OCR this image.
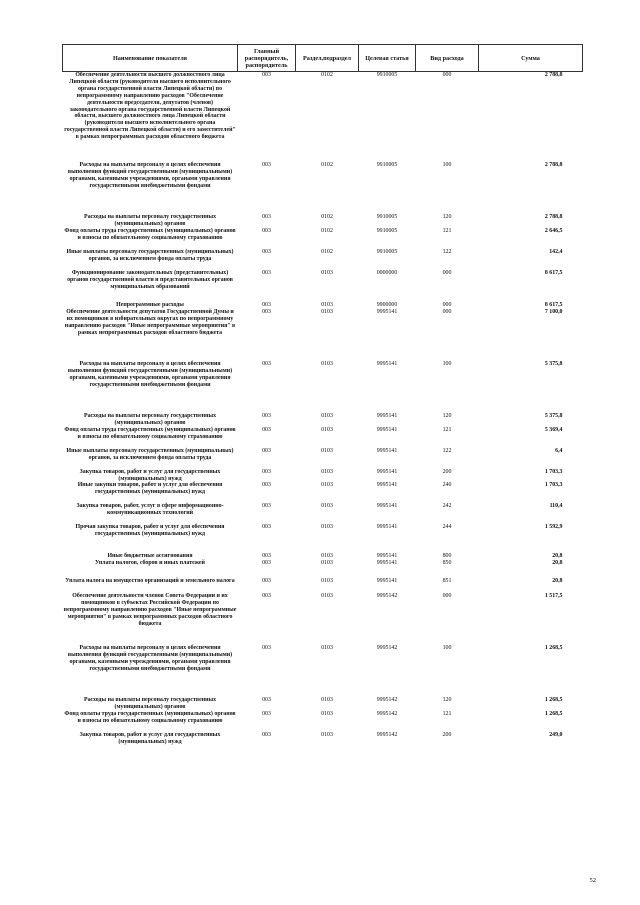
Наименование показателя	Главный распорядитель, распорядитель	Раздел,подраздел	Целевая статья	Вид расхода	Сумма
Обеспечение деятельности высшего должностного лица Липецкой области (руководителя высшего исполнительного органа государственной власти Липецкой области) по непрограммному направлению расходов "Обеспечение деятельности председателя, депутатов (членов) законодательного органа государственной власти Липецкой области, высшего должностного лица Липецкой области (руководителя высшего исполнительного органа государственной власти Липецкой области) и его заместителей" в рамках непрограммных расходов областного бюджета	003	0102	9910005	000	2 788,8
Расходы на выплаты персоналу в целях обеспечения выполнения функций государственными (муниципальными) органами, казенными учреждениями, органами управления государственными внебюджетными фондами	003	0102	9910005	100	2 788,8
Расходы на выплаты персоналу государственных (муниципальных) органов	003	0102	9910005	120	2 788,8
Фонд оплаты труда государственных (муниципальных) органов и взносы по обязательному социальному страхованию	003	0102	9910005	121	2 646,5
Иные выплаты персоналу государственных (муниципальных) органов, за исключением фонда оплаты труда	003	0102	9910005	122	142,4
Функционирование законодательных (представительных) органов государственной власти и представительных органов муниципальных образований	003	0103	0000000	000	8 617,5
Непрограммные расходы	003	0103	9900000	000	8 617,5
Обеспечение деятельности депутатов Государственной Думы и их помощников в избирательных округах по непрограммному направлению расходов "Иные непрограммные мероприятия" в рамках непрограммных расходов областного бюджета	003	0103	9995141	000	7 100,0
Расходы на выплаты персоналу в целях обеспечения выполнения функций государственными (муниципальными) органами, казенными учреждениями, органами управления государственными внебюджетными фондами	003	0103	9995141	100	5 375,8
Расходы на выплаты персоналу государственных (муниципальных) органов	003	0103	9995141	120	5 375,8
Фонд оплаты труда государственных (муниципальных) органов и взносы по обязательному социальному страхованию	003	0103	9995141	121	5 369,4
Иные выплаты персоналу государственных (муниципальных) органов, за исключением фонда оплаты труда	003	0103	9995141	122	6,4
Закупка товаров, работ и услуг для государственных (муниципальных) нужд	003	0103	9995141	200	1 703,3
Иные закупки товаров, работ и услуг для обеспечения государственных (муниципальных) нужд	003	0103	9995141	240	1 703,3
Закупка товаров, работ, услуг в сфере информационно-коммуникационных технологий	003	0103	9995141	242	110,4
Прочая закупка товаров, работ и услуг для обеспечения государственных (муниципальных) нужд	003	0103	9995141	244	1 592,9
Иные бюджетные ассигнования	003	0103	9995141	800	20,8
Уплата налогов, сборов и иных платежей	003	0103	9995141	850	20,8
Уплата налога на имущество организаций и земельного налога	003	0103	9995141	851	20,8
Обеспечение деятельности членов Совета Федерации и их помощников в субъектах Российской Федерации по непрограммному направлению расходов "Иные непрограммные мероприятия" в рамках непрограммных расходов областного бюджета	003	0103	9995142	000	1 517,5
Расходы на выплаты персоналу в целях обеспечения выполнения функций государственными (муниципальными) органами, казенными учреждениями, органами управления государственными внебюджетными фондами	003	0103	9995142	100	1 268,5
Расходы на выплаты персоналу государственных (муниципальных) органов	003	0103	9995142	120	1 268,5
Фонд оплаты труда государственных (муниципальных) органов и взносы по обязательному социальному страхованию	003	0103	9995142	121	1 268,5
Закупка товаров, работ и услуг для государственных (муниципальных) нужд	003	0103	9995142	200	249,0
52
